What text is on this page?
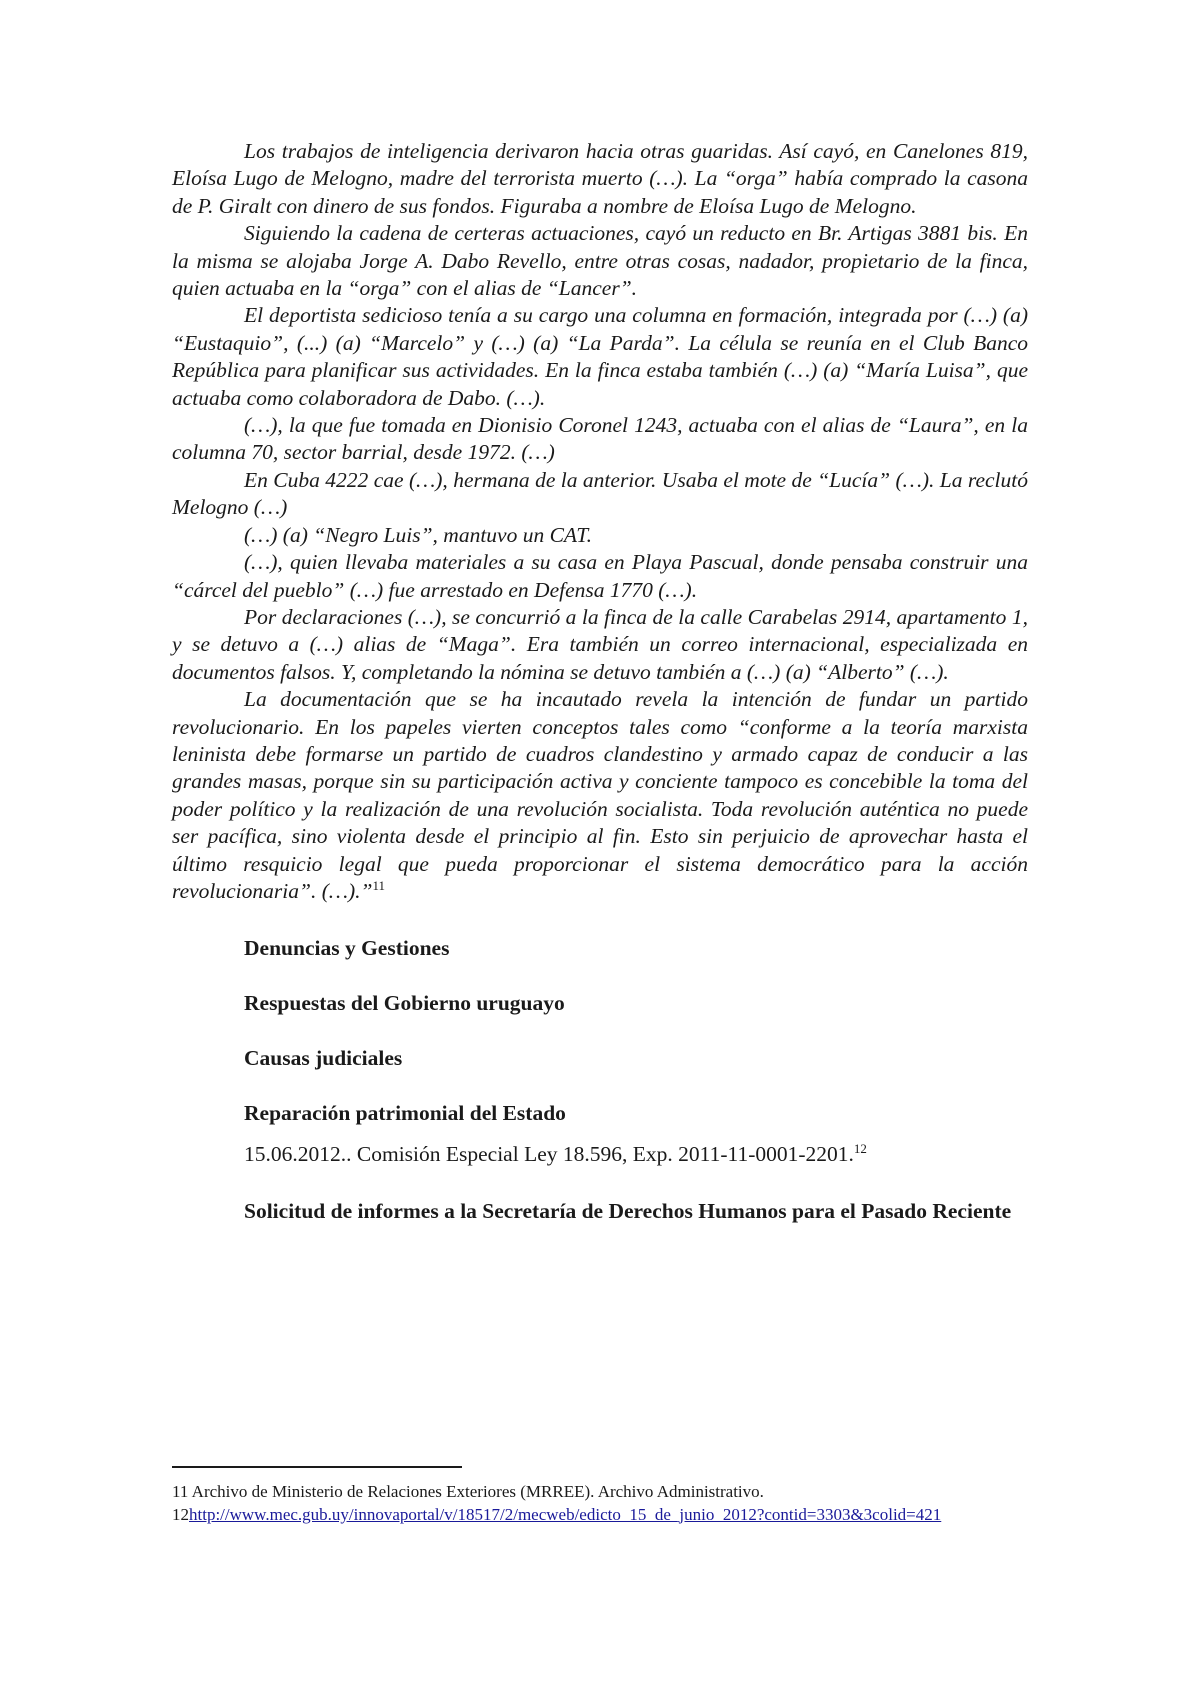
Los trabajos de inteligencia derivaron hacia otras guaridas. Así cayó, en Canelones 819, Eloísa Lugo de Melogno, madre del terrorista muerto (…). La “orga” había comprado la casona de P. Giralt con dinero de sus fondos. Figuraba a nombre de Eloísa Lugo de Melogno.

Siguiendo la cadena de certeras actuaciones, cayó un reducto en Br. Artigas 3881 bis. En la misma se alojaba Jorge A. Dabo Revello, entre otras cosas, nadador, propietario de la finca, quien actuaba en la “orga” con el alias de “Lancer”.

El deportista sedicioso tenía a su cargo una columna en formación, integrada por (…) (a) “Eustaquio”, (...) (a) “Marcelo” y (…) (a) “La Parda”. La célula se reunía en el Club Banco República para planificar sus actividades. En la finca estaba también (…) (a) “María Luisa”, que actuaba como colaboradora de Dabo. (…).

(…), la que fue tomada en Dionisio Coronel 1243, actuaba con el alias de “Laura”, en la columna 70, sector barrial, desde 1972. (…)

En Cuba 4222 cae (…), hermana de la anterior. Usaba el mote de “Lucía” (…). La reclutó Melogno (…)

(…) (a) “Negro Luis”, mantuvo un CAT.

(…), quien llevaba materiales a su casa en Playa Pascual, donde pensaba construir una “cárcel del pueblo” (…) fue arrestado en Defensa 1770 (…).

Por declaraciones (…), se concurrió a la finca de la calle Carabelas 2914, apartamento 1, y se detuvo a (…) alias de “Maga”. Era también un correo internacional, especializada en documentos falsos. Y, completando la nómina se detuvo también a (…) (a) “Alberto” (…).

La documentación que se ha incautado revela la intención de fundar un partido revolucionario. En los papeles vierten conceptos tales como “conforme a la teoría marxista leninista debe formarse un partido de cuadros clandestino y armado capaz de conducir a las grandes masas, porque sin su participación activa y conciente tampoco es concebible la toma del poder político y la realización de una revolución socialista. Toda revolución auténtica no puede ser pacífica, sino violenta desde el principio al fin. Esto sin perjuicio de aprovechar hasta el último resquicio legal que pueda proporcionar el sistema democrático para la acción revolucionaria”. (…).”$^{11}$

Denuncias y Gestiones

Respuestas del Gobierno uruguayo

Causas judiciales

Reparación patrimonial del Estado

15.06.2012.. Comisión Especial Ley 18.596, Exp. 2011-11-0001-2201.12

Solicitud de informes a la Secretaría de Derechos Humanos para el Pasado Reciente

11 Archivo de Ministerio de Relaciones Exteriores (MRREE). Archivo Administrativo.

12http://www.mec.gub.uy/innovaportal/v/18517/2/mecweb/edicto_15_de_junio_2012?contid=3303&3colid=421
